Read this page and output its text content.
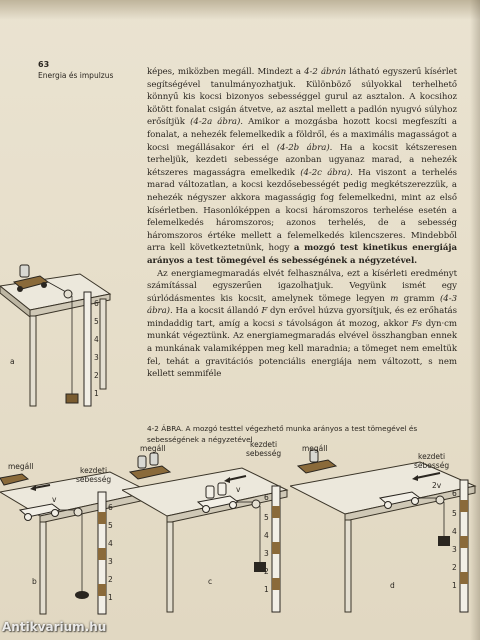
63
Energia és impulzus	képes, miközben megáll. Mindezt a 4-2 ábrán látható egyszerű kísérlet segítségével tanulmányozhatjuk. Különböző súlyokkal terhelhető könnyű kis kocsi bizonyos sebességgel gurul az asztalon. A kocsihoz kötött fonalat csigán átvetve, az asztal mellett a padlón nyugvó súlyhoz erősítjük (4-2a ábra). Amikor a mozgásba hozott kocsi megfeszíti a fonalat, a nehezék felemelkedik a földről, és a maximális magasságot a kocsi megállásakor éri el (4-2b ábra). Ha a kocsit kétszeresen terheljük, kezdeti sebessége azonban ugyanaz marad, a nehezék kétszeres magasságra emelkedik (4-2c ábra). Ha viszont a terhelés marad változatlan, a kocsi kezdősebességét pedig megkétszerezzük, a nehezék négyszer akkora magasságig fog felemelkedni, mint az első kísérletben. Hasonlóképpen a kocsi háromszoros terhelése esetén a felemelkedés háromszoros; azonos terhelés, de a sebesség háromszoros értéke mellett a felemelkedés kilencszeres. Mindebből arra kell következtetnünk, hogy a mozgó test kinetikus energiája arányos a test tömegével és sebességének a négyzetével.

Az energiamegmaradás elvét felhasználva, ezt a kísérleti eredményt számítással egyszerűen igazolhatjuk. Vegyünk ismét egy súrlódásmentes kis kocsit, amelynek tömege legyen m gramm (4-3 ábra). Ha a kocsit állandó F dyn erővel húzva gyorsítjuk, és ez erőhatás mindaddig tart, amíg a kocsi s távolságon át mozog, akkor Fs dyn·cm munkát végeztünk. Az energiamegmaradás elvével összhangban ennek a munkának valamiképpen meg kell maradnia; a tömeget nem emeltük fel, tehát a gravitációs potenciális energiája nem változott, s nem kellett semmiféle

6
5
4
3
2
1
a
4-2 ÁBRA. A mozgó testtel végezhető munka arányos a test tömegével és sebességének a négyzetével
v
6
5
4
3
2
1
b
megáll	kezdeti
sebesség
v
6
5
4
3
2
1
c
megáll	kezdeti
sebesség
2v
6
5
4
3
2
1
d
megáll
kezdeti
sebesség
Antikvarium.hu
